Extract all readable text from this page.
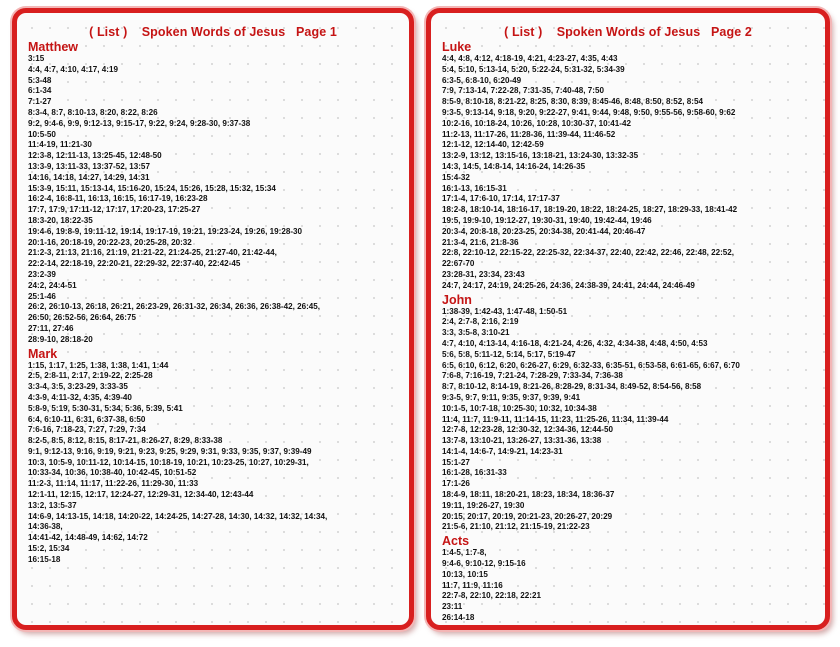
( List )    Spoken Words of Jesus   Page 1
Matthew
3:15
4:4, 4:7, 4:10, 4:17, 4:19
5:3-48
6:1-34
7:1-27
8:3-4, 8:7, 8:10-13, 8:20, 8:22, 8:26
9:2, 9:4-6, 9:9, 9:12-13, 9:15-17, 9:22, 9:24, 9:28-30, 9:37-38
10:5-50
11:4-19, 11:21-30
12:3-8, 12:11-13, 13:25-45, 12:48-50
13:3-9, 13:11-33, 13:37-52, 13:57
14:16, 14:18, 14:27, 14:29, 14:31
15:3-9, 15:11, 15:13-14, 15:16-20, 15:24, 15:26, 15:28, 15:32, 15:34
16:2-4, 16:8-11, 16:13, 16:15, 16:17-19, 16:23-28
17:7, 17:9, 17:11-12, 17:17, 17:20-23, 17:25-27
18:3-20, 18:22-35
19:4-6, 19:8-9, 19:11-12, 19:14, 19:17-19, 19:21, 19:23-24, 19:26, 19:28-30
20:1-16, 20:18-19, 20:22-23, 20:25-28, 20:32
21:2-3, 21:13, 21:16, 21:19, 21:21-22, 21:24-25, 21:27-40, 21:42-44,
22:2-14, 22:18-19, 22:20-21, 22:29-32, 22:37-40, 22:42-45
23:2-39
24:2, 24:4-51
25:1-46
26:2, 26:10-13, 26:18, 26:21, 26:23-29, 26:31-32, 26:34, 26:36, 26:38-42, 26:45,
26:50, 26:52-56, 26:64, 26:75
27:11, 27:46
28:9-10, 28:18-20
Mark
1:15, 1:17, 1:25, 1:38, 1:38, 1:41, 1:44
2:5, 2:8-11, 2:17, 2:19-22, 2:25-28
3:3-4, 3:5, 3:23-29, 3:33-35
4:3-9, 4:11-32, 4:35, 4:39-40
5:8-9, 5:19, 5:30-31, 5:34, 5:36, 5:39, 5:41
6:4, 6:10-11, 6:31, 6:37-38, 6:50
7:6-16, 7:18-23, 7:27, 7:29, 7:34
8:2-5, 8:5, 8:12, 8:15, 8:17-21, 8:26-27, 8:29, 8:33-38
9:1, 9:12-13, 9:16, 9:19, 9:21, 9:23, 9:25, 9:29, 9:31, 9:33, 9:35, 9:37, 9:39-49
10:3, 10:5-9, 10:11-12, 10:14-15, 10:18-19, 10:21, 10:23-25, 10:27, 10:29-31,
10:33-34, 10:36, 10:38-40, 10:42-45, 10:51-52
11:2-3, 11:14, 11:17, 11:22-26, 11:29-30, 11:33
12:1-11, 12:15, 12:17, 12:24-27, 12:29-31, 12:34-40, 12:43-44
13:2, 13:5-37
14:6-9, 14:13-15, 14:18, 14:20-22, 14:24-25, 14:27-28, 14:30, 14:32, 14:32, 14:34,
14:36-38,
14:41-42, 14:48-49, 14:62, 14:72
15:2, 15:34
16:15-18
( List )    Spoken Words of Jesus   Page 2
Luke
4:4, 4:8, 4:12, 4:18-19, 4:21, 4:23-27, 4:35, 4:43
5:4, 5:10, 5:13-14, 5:20, 5:22-24, 5:31-32, 5:34-39
6:3-5, 6:8-10, 6:20-49
7:9, 7:13-14, 7:22-28, 7:31-35, 7:40-48, 7:50
8:5-9, 8:10-18, 8:21-22, 8:25, 8:30, 8:39, 8:45-46, 8:48, 8:50, 8:52, 8:54
9:3-5, 9:13-14, 9:18, 9:20, 9:22-27, 9:41, 9:44, 9:48, 9:50, 9:55-56, 9:58-60, 9:62
10:2-16, 10:18-24, 10:26, 10:28, 10:30-37, 10:41-42
11:2-13, 11:17-26, 11:28-36, 11:39-44, 11:46-52
12:1-12, 12:14-40, 12:42-59
13:2-9, 13:12, 13:15-16, 13:18-21, 13:24-30, 13:32-35
14:3, 14:5, 14:8-14, 14:16-24, 14:26-35
15:4-32
16:1-13, 16:15-31
17:1-4, 17:6-10, 17:14, 17:17-37
18:2-8, 18:10-14, 18:16-17, 18:19-20, 18:22, 18:24-25, 18:27, 18:29-33, 18:41-42
19:5, 19:9-10, 19:12-27, 19:30-31, 19:40, 19:42-44, 19:46
20:3-4, 20:8-18, 20:23-25, 20:34-38, 20:41-44, 20:46-47
21:3-4, 21:6, 21:8-36
22:8, 22:10-12, 22:15-22, 22:25-32, 22:34-37, 22:40, 22:42, 22:46, 22:48, 22:52,
22:67-70
23:28-31, 23:34, 23:43
24:7, 24:17, 24:19, 24:25-26, 24:36, 24:38-39, 24:41, 24:44, 24:46-49
John
1:38-39, 1:42-43, 1:47-48, 1:50-51
2:4, 2:7-8, 2:16, 2:19
3:3, 3:5-8, 3:10-21
4:7, 4:10, 4:13-14, 4:16-18, 4:21-24, 4:26, 4:32, 4:34-38, 4:48, 4:50, 4:53
5:6, 5:8, 5:11-12, 5:14, 5:17, 5:19-47
6:5, 6:10, 6:12, 6:20, 6:26-27, 6:29, 6:32-33, 6:35-51, 6:53-58, 6:61-65, 6:67, 6:70
7:6-8, 7:16-19, 7:21-24, 7:28-29, 7:33-34, 7:36-38
8:7, 8:10-12, 8:14-19, 8:21-26, 8:28-29, 8:31-34, 8:49-52, 8:54-56, 8:58
9:3-5, 9:7, 9:11, 9:35, 9:37, 9:39, 9:41
10:1-5, 10:7-18, 10:25-30, 10:32, 10:34-38
11:4, 11:7, 11:9-11, 11:14-15, 11:23, 11:25-26, 11:34, 11:39-44
12:7-8, 12:23-28, 12:30-32, 12:34-36, 12:44-50
13:7-8, 13:10-21, 13:26-27, 13:31-36, 13:38
14:1-4, 14:6-7, 14:9-21, 14:23-31
15:1-27
16:1-28, 16:31-33
17:1-26
18:4-9, 18:11, 18:20-21, 18:23, 18:34, 18:36-37
19:11, 19:26-27, 19:30
20:15, 20:17, 20:19, 20:21-23, 20:26-27, 20:29
21:5-6, 21:10, 21:12, 21:15-19, 21:22-23
Acts
1:4-5, 1:7-8,
9:4-6, 9:10-12, 9:15-16
10:13, 10:15
11:7, 11:9, 11:16
22:7-8, 22:10, 22:18, 22:21
23:11
26:14-18
